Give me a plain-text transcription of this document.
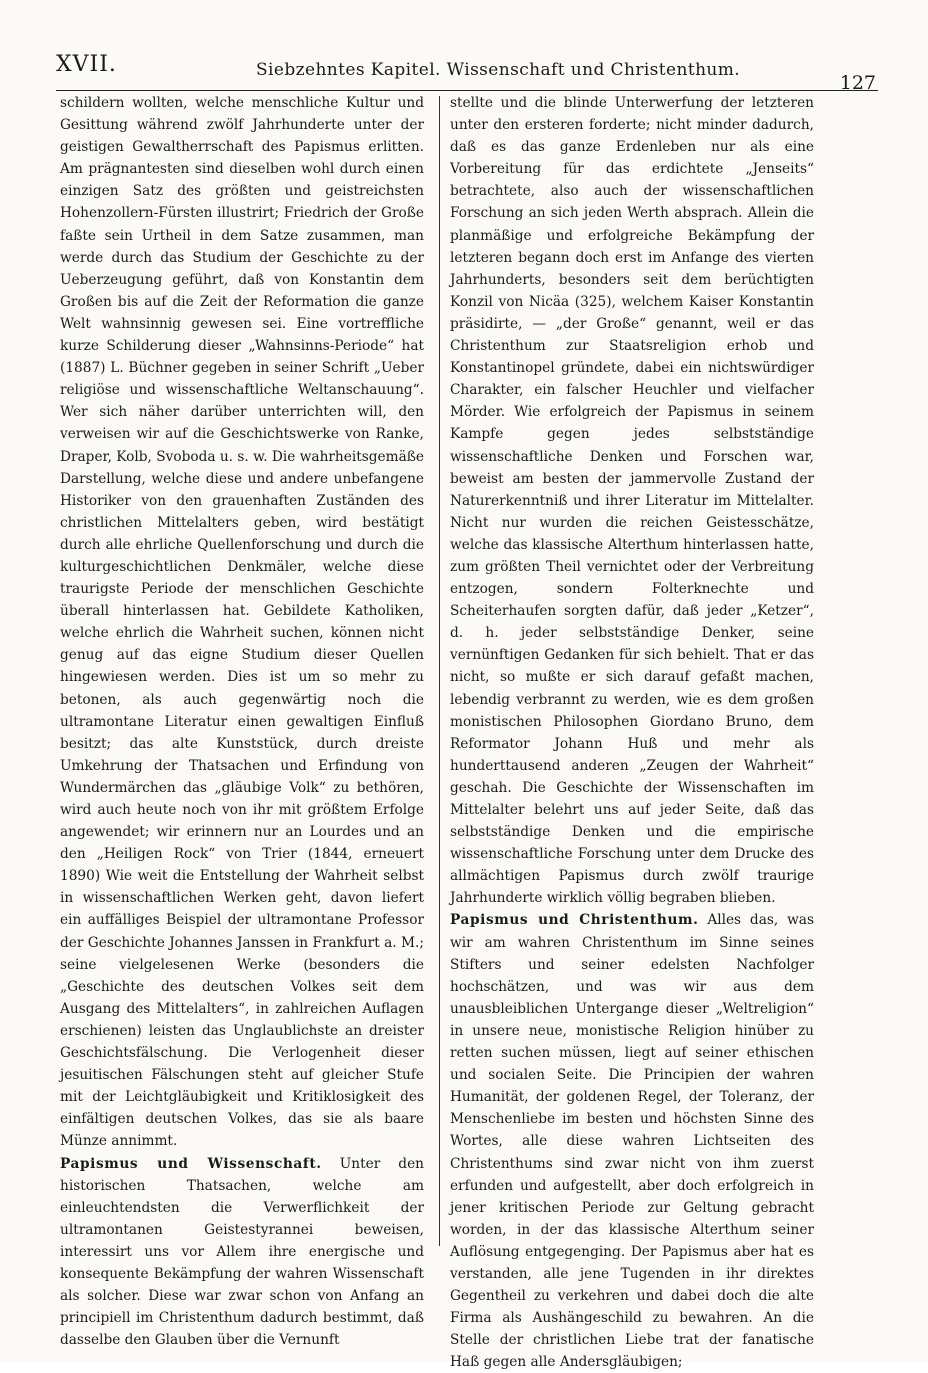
XVII.	Siebzehntes Kapitel. Wissenschaft und Christenthum.
127

schildern wollten, welche menschliche Kultur und Gesittung während zwölf Jahrhunderte unter der geistigen Gewaltherrschaft des Papismus erlitten. Am prägnantesten sind dieselben wohl durch einen einzigen Satz des größten und geistreichsten Hohenzollern-Fürsten illustrirt; Friedrich der Große faßte sein Urtheil in dem Satze zusammen, man werde durch das Studium der Geschichte zu der Ueberzeugung geführt, daß von Konstantin dem Großen bis auf die Zeit der Reformation die ganze Welt wahnsinnig gewesen sei. Eine vortreffliche kurze Schilderung dieser „Wahnsinns-Periode“ hat (1887) L. Büchner gegeben in seiner Schrift „Ueber religiöse und wissenschaftliche Weltanschauung“. Wer sich näher darüber unterrichten will, den verweisen wir auf die Geschichtswerke von Ranke, Draper, Kolb, Svoboda u. s. w. Die wahrheitsgemäße Darstellung, welche diese und andere unbefangene Historiker von den grauenhaften Zuständen des christlichen Mittelalters geben, wird bestätigt durch alle ehrliche Quellenforschung und durch die kulturgeschichtlichen Denkmäler, welche diese traurigste Periode der menschlichen Geschichte überall hinterlassen hat. Gebildete Katholiken, welche ehrlich die Wahrheit suchen, können nicht genug auf das eigne Studium dieser Quellen hingewiesen werden. Dies ist um so mehr zu betonen, als auch gegenwärtig noch die ultramontane Literatur einen gewaltigen Einfluß besitzt; das alte Kunststück, durch dreiste Umkehrung der Thatsachen und Erfindung von Wundermärchen das „gläubige Volk“ zu bethören, wird auch heute noch von ihr mit größtem Erfolge angewendet; wir erinnern nur an Lourdes und an den „Heiligen Rock“ von Trier (1844, erneuert 1890) Wie weit die Entstellung der Wahrheit selbst in wissenschaftlichen Werken geht, davon liefert ein auffälliges Beispiel der ultramontane Professor der Geschichte Johannes Janssen in Frankfurt a. M.; seine vielgelesenen Werke (besonders die „Geschichte des deutschen Volkes seit dem Ausgang des Mittelalters“, in zahlreichen Auflagen erschienen) leisten das Unglaublichste an dreister Geschichtsfälschung. Die Verlogenheit dieser jesuitischen Fälschungen steht auf gleicher Stufe mit der Leichtgläubigkeit und Kritiklosigkeit des einfältigen deutschen Volkes, das sie als baare Münze annimmt.

Papismus und Wissenschaft. Unter den historischen Thatsachen, welche am einleuchtendsten die Verwerflichkeit der ultramontanen Geistestyrannei beweisen, interessirt uns vor Allem ihre energische und konsequente Bekämpfung der wahren Wissenschaft als solcher. Diese war zwar schon von Anfang an principiell im Christenthum dadurch bestimmt, daß dasselbe den Glauben über die Vernunft

stellte und die blinde Unterwerfung der letzteren unter den ersteren forderte; nicht minder dadurch, daß es das ganze Erdenleben nur als eine Vorbereitung für das erdichtete „Jenseits“ betrachtete, also auch der wissenschaftlichen Forschung an sich jeden Werth absprach. Allein die planmäßige und erfolgreiche Bekämpfung der letzteren begann doch erst im Anfange des vierten Jahrhunderts, besonders seit dem berüchtigten Konzil von Nicäa (325), welchem Kaiser Konstantin präsidirte, — „der Große“ genannt, weil er das Christenthum zur Staatsreligion erhob und Konstantinopel gründete, dabei ein nichtswürdiger Charakter, ein falscher Heuchler und vielfacher Mörder. Wie erfolgreich der Papismus in seinem Kampfe gegen jedes selbstständige wissenschaftliche Denken und Forschen war, beweist am besten der jammervolle Zustand der Naturerkenntniß und ihrer Literatur im Mittelalter. Nicht nur wurden die reichen Geistesschätze, welche das klassische Alterthum hinterlassen hatte, zum größten Theil vernichtet oder der Verbreitung entzogen, sondern Folterknechte und Scheiterhaufen sorgten dafür, daß jeder „Ketzer“, d. h. jeder selbstständige Denker, seine vernünftigen Gedanken für sich behielt. That er das nicht, so mußte er sich darauf gefaßt machen, lebendig verbrannt zu werden, wie es dem großen monistischen Philosophen Giordano Bruno, dem Reformator Johann Huß und mehr als hunderttausend anderen „Zeugen der Wahrheit“ geschah. Die Geschichte der Wissenschaften im Mittelalter belehrt uns auf jeder Seite, daß das selbstständige Denken und die empirische wissenschaftliche Forschung unter dem Drucke des allmächtigen Papismus durch zwölf traurige Jahrhunderte wirklich völlig begraben blieben.

Papismus und Christenthum. Alles das, was wir am wahren Christenthum im Sinne seines Stifters und seiner edelsten Nachfolger hochschätzen, und was wir aus dem unausbleiblichen Untergange dieser „Weltreligion“ in unsere neue, monistische Religion hinüber zu retten suchen müssen, liegt auf seiner ethischen und socialen Seite. Die Principien der wahren Humanität, der goldenen Regel, der Toleranz, der Menschenliebe im besten und höchsten Sinne des Wortes, alle diese wahren Lichtseiten des Christenthums sind zwar nicht von ihm zuerst erfunden und aufgestellt, aber doch erfolgreich in jener kritischen Periode zur Geltung gebracht worden, in der das klassische Alterthum seiner Auflösung entgegenging. Der Papismus aber hat es verstanden, alle jene Tugenden in ihr direktes Gegentheil zu verkehren und dabei doch die alte Firma als Aushängeschild zu bewahren. An die Stelle der christlichen Liebe trat der fanatische Haß gegen alle Andersgläubigen;
